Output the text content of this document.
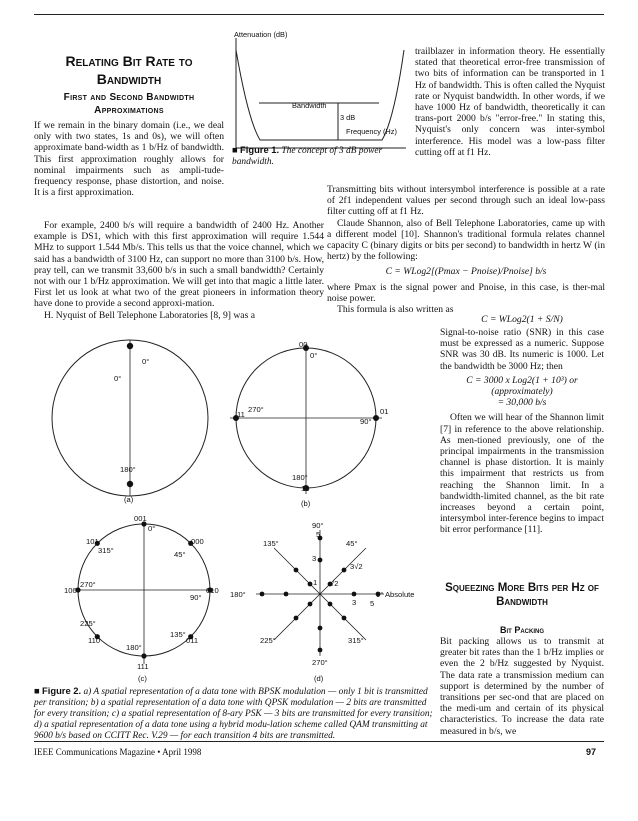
Relating Bit Rate to Bandwidth
First and Second Bandwidth Approximations
Attenuation (dB)
Bandwidth
3 dB
Frequency (Hz)
■ Figure 1. The concept of 3 dB power bandwidth.

If we remain in the binary domain (i.e., we deal only with two states, 1s and 0s), we will often approximate band-width as 1 b/Hz of bandwidth. This first approximation roughly allows for nominal impairments such as ampli-tude-frequency response, phase distortion, and noise. It is a first approximation.

For example, 2400 b/s will require a bandwidth of 2400 Hz. Another example is DS1, which with this first approximation will require 1.544 MHz to support 1.544 Mb/s. This tells us that the voice channel, which we said has a bandwidth of 3100 Hz, can support no more than 3100 b/s. How, pray tell, can we transmit 33,600 b/s in such a small bandwidth? Certainly not with our 1 b/Hz approximation. We will get into that magic a little later. First let us look at what two of the great pioneers in information theory have done to provide a second approxi-mation.

H. Nyquist of Bell Telephone Laboratories [8, 9] was a

trailblazer in information theory. He essentially stated that theoretical error-free transmission of two bits of information can be transported in 1 Hz of bandwidth. This is often called the Nyquist rate or Nyquist bandwidth. In other words, if we have 1000 Hz of bandwidth, theoretically it can trans-port 2000 b/s "error-free." In stating this, Nyquist's only concern was inter-symbol interference. His model was a low-pass filter cutting off at f1 Hz.

Transmitting bits without intersymbol interference is possible at a rate of 2f1 independent values per second through such an ideal low-pass filter cutting off at f1 Hz.

Claude Shannon, also of Bell Telephone Laboratories, came up with a different model [10]. Shannon's traditional formula relates channel capacity C (binary digits or bits per second) to bandwidth in hertz W (in hertz) by the following:

C = WLog2[(Pmax − Pnoise)/Pnoise] b/s

where Pmax is the signal power and Pnoise, in this case, is ther-mal noise power.

This formula is also written as

C = WLog2(1 + S/N)

Signal-to-noise ratio (SNR) in this case must be expressed as a numeric. Suppose SNR was 30 dB. Its numeric is 1000. Let the bandwidth be 3000 Hz; then

C = 3000 x Log2(1 + 10³) or

(approximately)

= 30,000 b/s

Often we will hear of the Shannon limit [7] in reference to the above relationship. As men-tioned previously, one of the principal impairments in the transmission channel is phase distortion. It is mainly this impairment that restricts us from reaching the Shannon limit. In a bandwidth-limited channel, as the bit rate increases beyond a certain point, intersymbol inter-ference begins to impact bit error performance [11].

Squeezing More Bits per Hz of Bandwidth
Bit Packing
Bit packing allows us to transmit at greater bit rates than the 1 b/Hz implies or even the 2 b/Hz suggested by Nyquist. The data rate a transmission medium can support is determined by the number of transitions per sec-ond that are placed on the medi-um and certain of its physical characteristics. To increase the data rate measured in b/s, we
0°
0°
180°
(a)
00
0°
11
270°	01
90°
180°
10
(b)
001
0°
101
315°
000
45°
100
270°
010
90°
225°
110
180°
111
135°
011
(c)
90°
5
135°	45°
3
3√2
180°	0° Absolute
1 √2
3 5
225°	315°
270°
(d)
■ Figure 2. a) A spatial representation of a data tone with BPSK modulation — only 1 bit is transmitted per transition; b) a spatial representation of a data tone with QPSK modulation — 2 bits are transmitted for every transition; c) a spatial representation of 8-ary PSK — 3 bits are transmitted for every transition; d) a spatial representation of a data tone using a hybrid modu-lation scheme called QAM transmitting at 9600 b/s based on CCITT Rec. V.29 — for each transition 4 bits are transmitted.
IEEE Communications Magazine • April 1998	97
